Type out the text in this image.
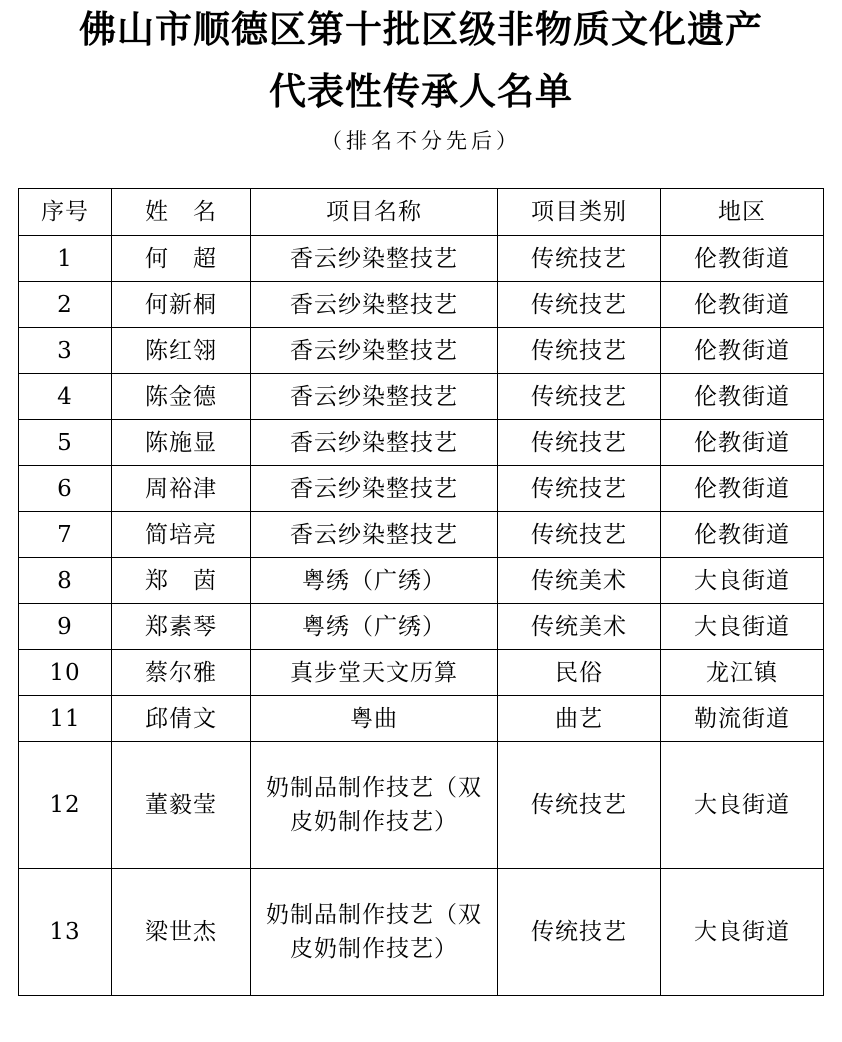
佛山市顺德区第十批区级非物质文化遗产
代表性传承人名单
（排名不分先后）
序号	姓　名	项目名称	项目类别	地区
1	何　超	香云纱染整技艺	传统技艺	伦教街道
2	何新桐	香云纱染整技艺	传统技艺	伦教街道
3	陈红翎	香云纱染整技艺	传统技艺	伦教街道
4	陈金德	香云纱染整技艺	传统技艺	伦教街道
5	陈施显	香云纱染整技艺	传统技艺	伦教街道
6	周裕津	香云纱染整技艺	传统技艺	伦教街道
7	简培亮	香云纱染整技艺	传统技艺	伦教街道
8	郑　茵	粤绣（广绣）	传统美术	大良街道
9	郑素琴	粤绣（广绣）	传统美术	大良街道
10	蔡尔雅	真步堂天文历算	民俗	龙江镇
11	邱倩文	粤曲	曲艺	勒流街道
12	董毅莹	奶制品制作技艺（双皮奶制作技艺）	传统技艺	大良街道
13	梁世杰	奶制品制作技艺（双皮奶制作技艺）	传统技艺	大良街道
